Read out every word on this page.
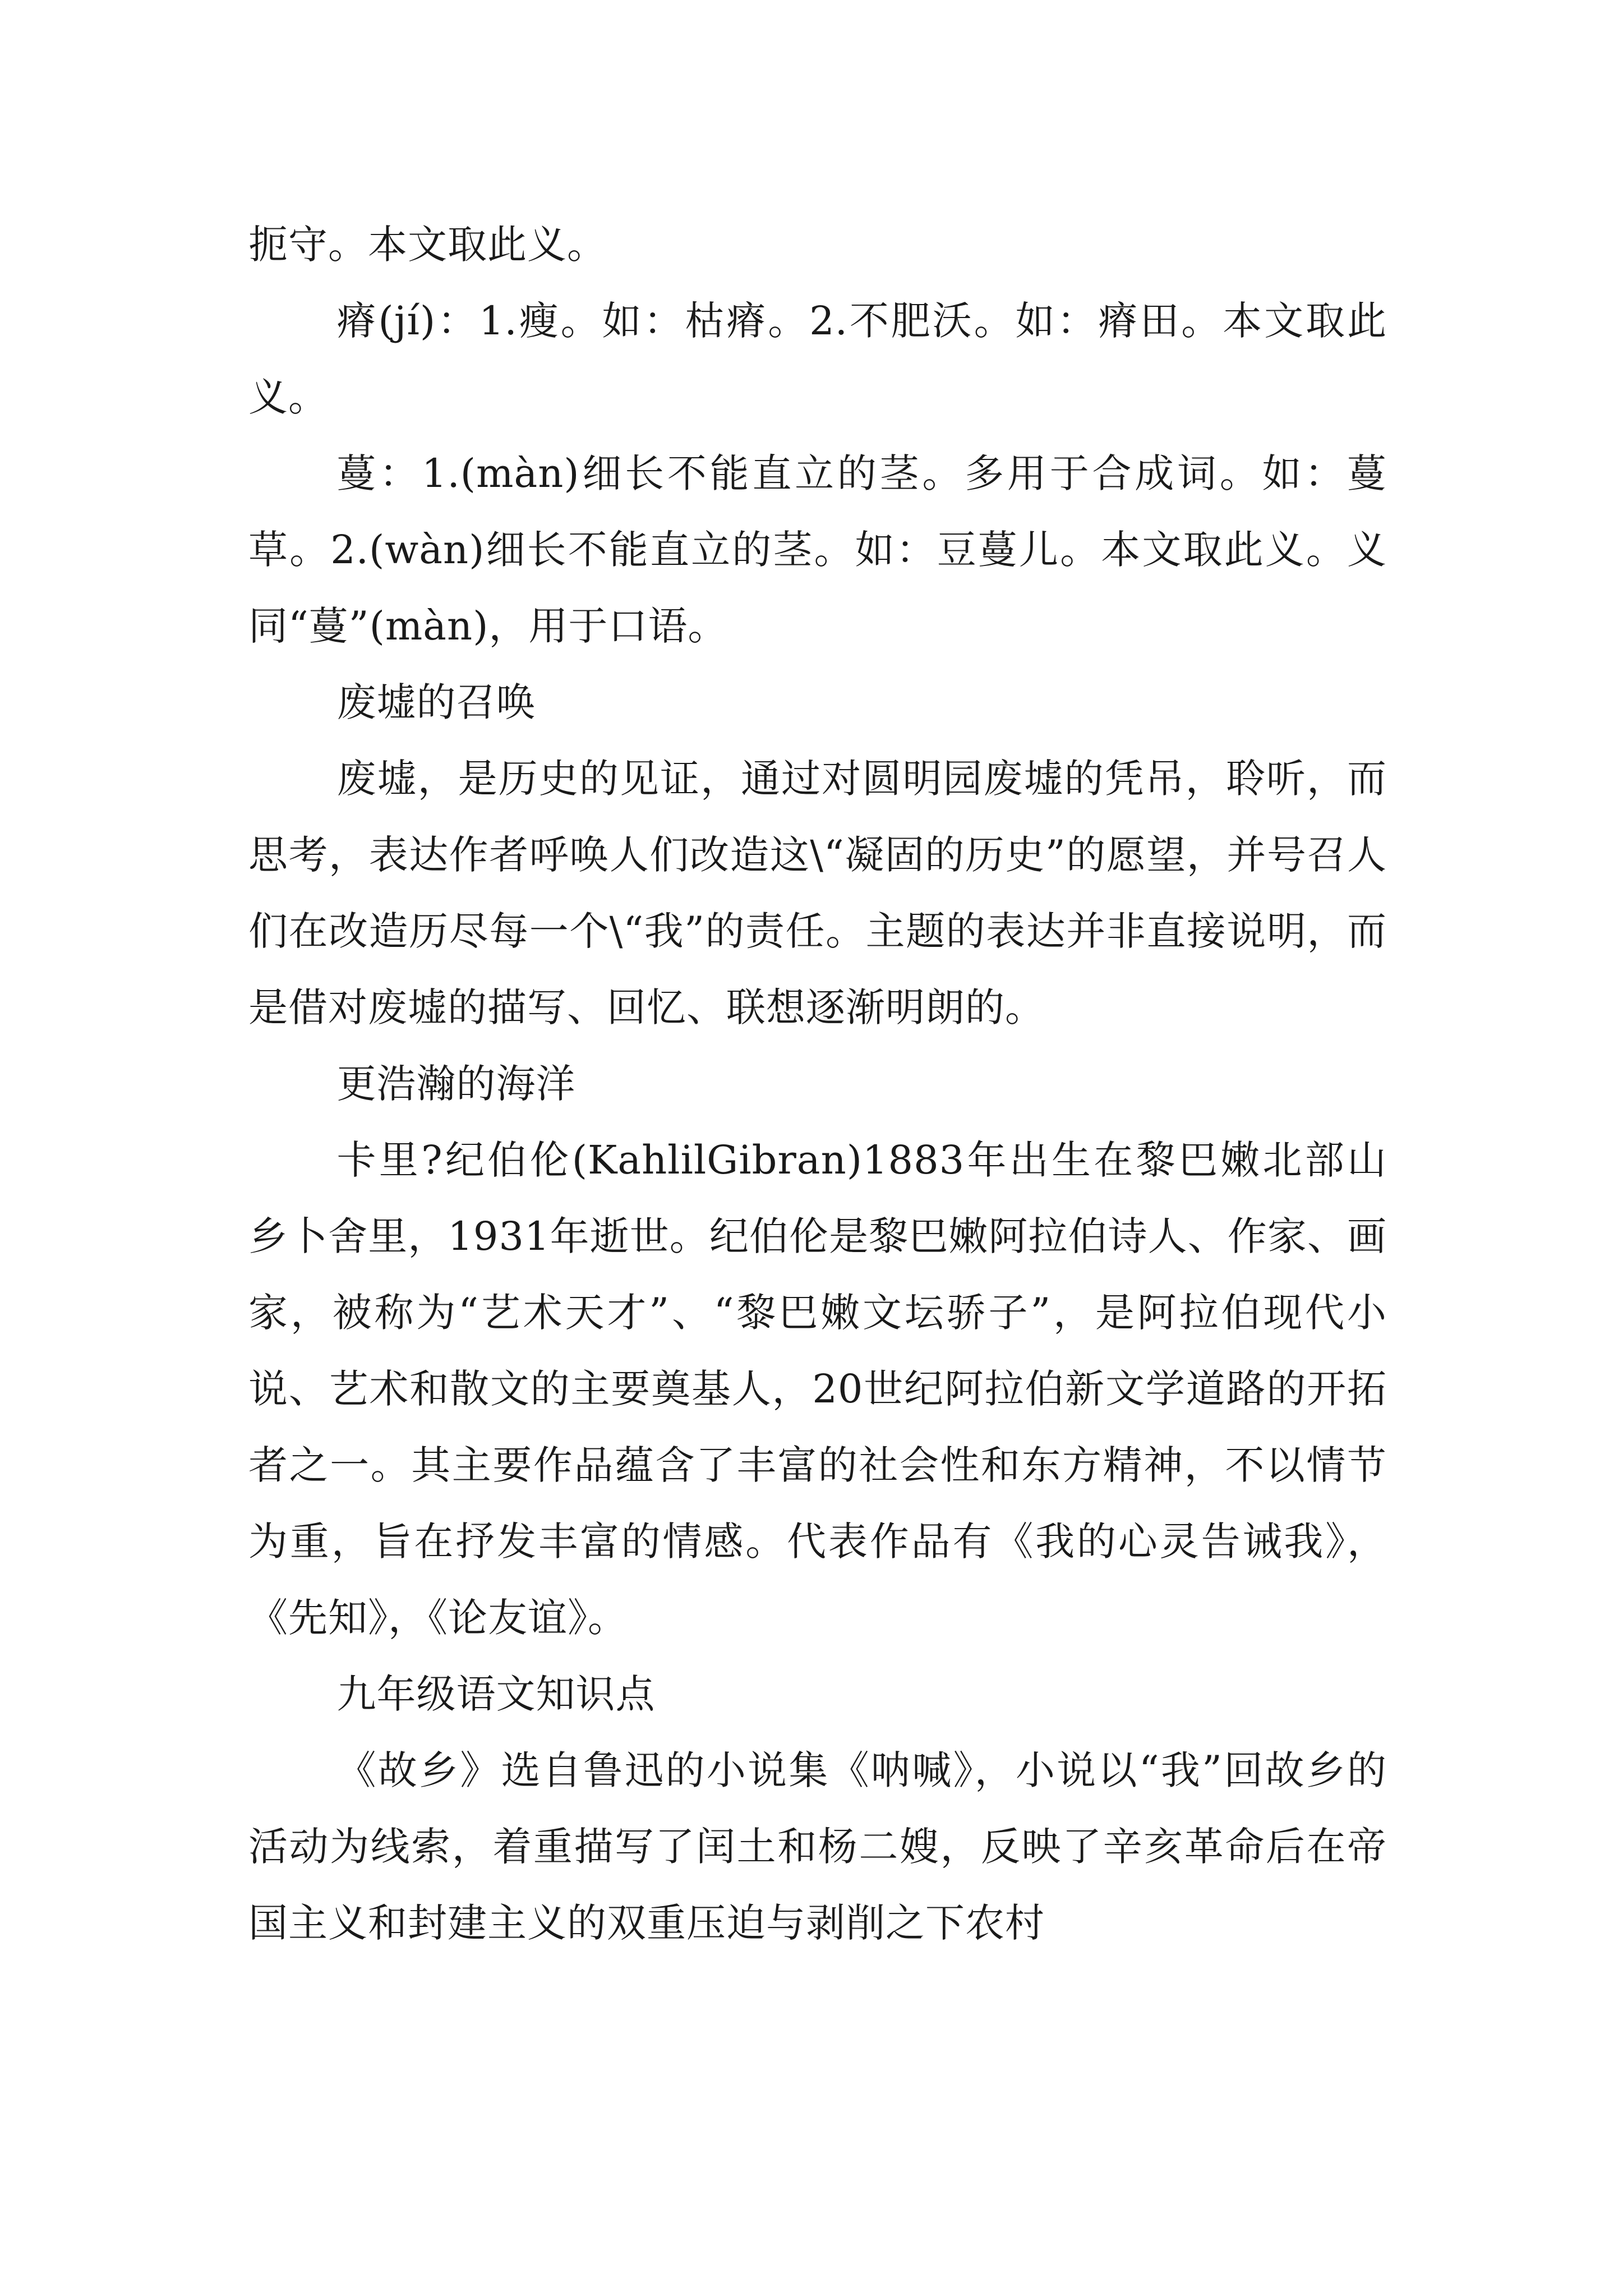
扼守。本文取此义。

瘠(jí)：1.瘦。如：枯瘠。2.不肥沃。如：瘠田。本文取此义。

蔓：1.(màn)细长不能直立的茎。多用于合成词。如：蔓草。2.(wàn)细长不能直立的茎。如：豆蔓儿。本文取此义。义同“蔓”(màn)，用于口语。

废墟的召唤

废墟，是历史的见证，通过对圆明园废墟的凭吊，聆听，而思考，表达作者呼唤人们改造这\“凝固的历史”的愿望，并号召人们在改造历尽每一个\“我”的责任。主题的表达并非直接说明，而是借对废墟的描写、回忆、联想逐渐明朗的。

更浩瀚的海洋

卡里?纪伯伦(KahlilGibran)1883年出生在黎巴嫩北部山乡卜舍里，1931年逝世。纪伯伦是黎巴嫩阿拉伯诗人、作家、画家，被称为“艺术天才”、“黎巴嫩文坛骄子”，是阿拉伯现代小说、艺术和散文的主要奠基人，20世纪阿拉伯新文学道路的开拓者之一。其主要作品蕴含了丰富的社会性和东方精神，不以情节为重，旨在抒发丰富的情感。代表作品有《我的心灵告诫我》，《先知》，《论友谊》。

九年级语文知识点

《故乡》选自鲁迅的小说集《呐喊》，小说以“我”回故乡的活动为线索，着重描写了闰土和杨二嫂，反映了辛亥革命后在帝国主义和封建主义的双重压迫与剥削之下农村
